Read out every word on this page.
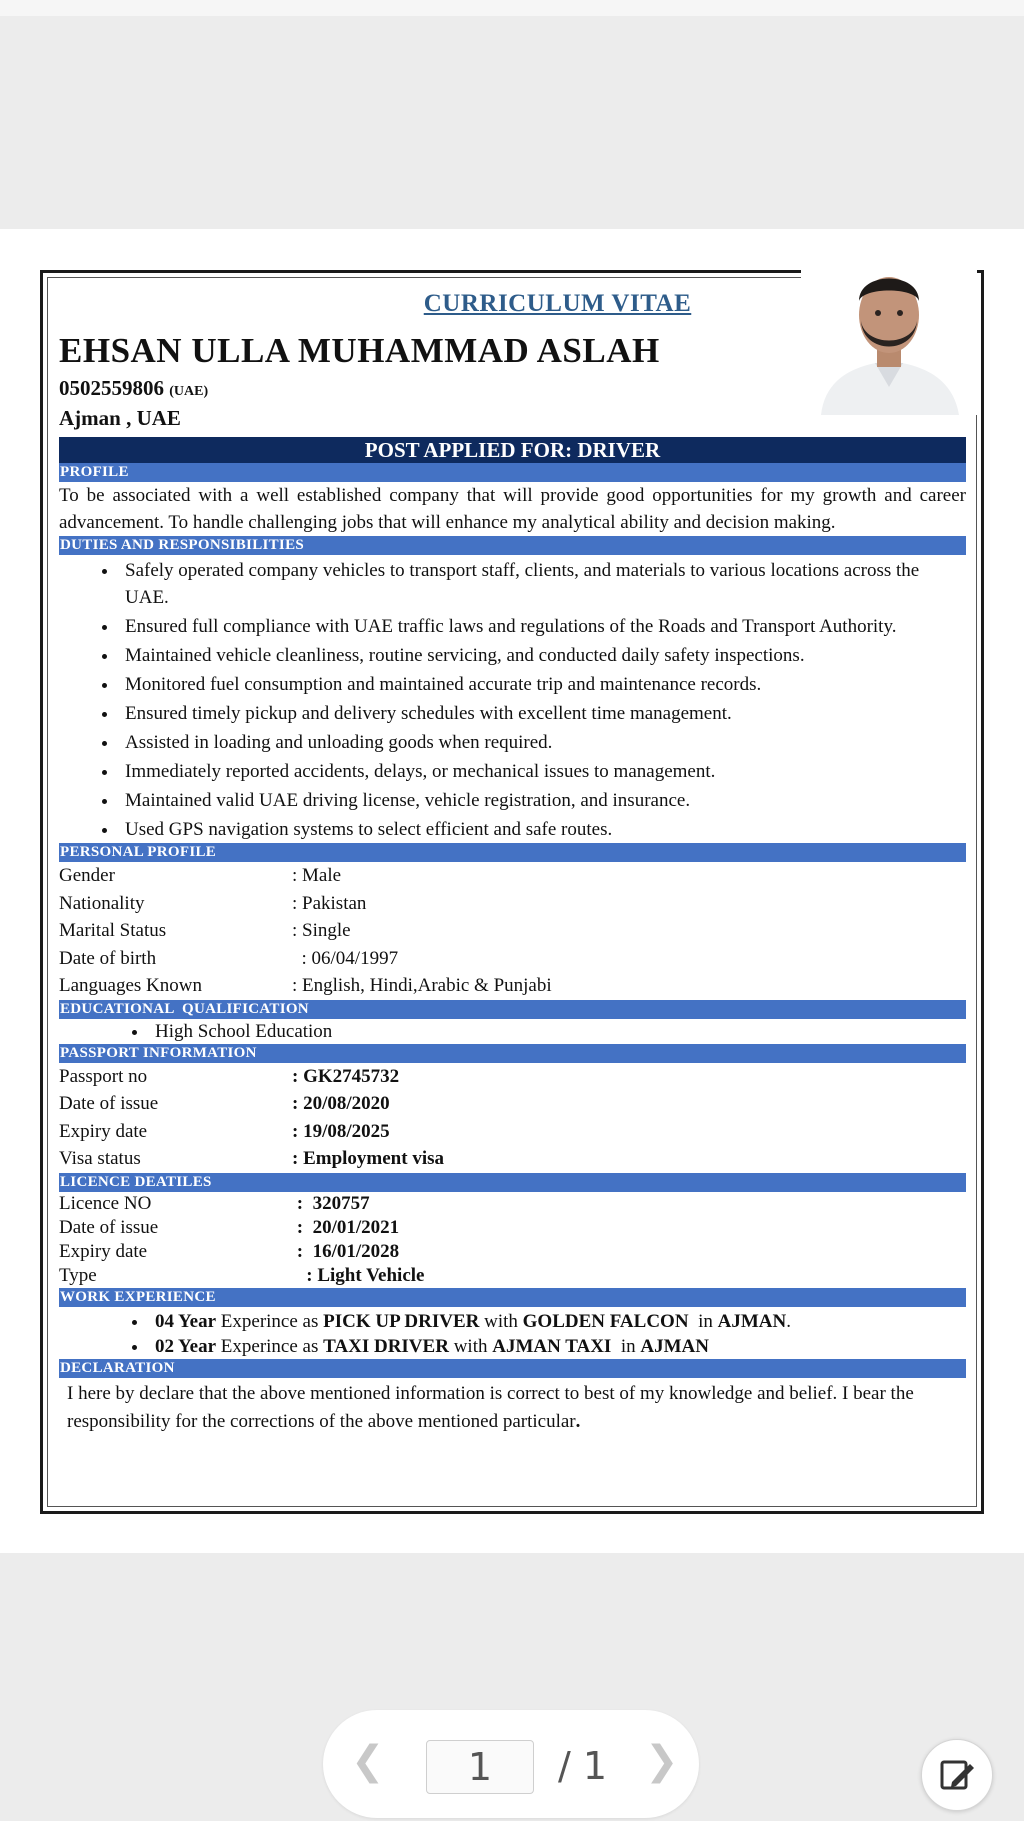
CURRICULUM VITAE
EHSAN ULLA MUHAMMAD ASLAH
0502559806 (UAE)
Ajman , UAE
POST APPLIED FOR: DRIVER
PROFILE
To be associated with a well established company that will provide good opportunities for my growth and career advancement. To handle challenging jobs that will enhance my analytical ability and decision making.
DUTIES AND RESPONSIBILITIES
• Safely operated company vehicles to transport staff, clients, and materials to various locations across the UAE.
• Ensured full compliance with UAE traffic laws and regulations of the Roads and Transport Authority.
• Maintained vehicle cleanliness, routine servicing, and conducted daily safety inspections.
• Monitored fuel consumption and maintained accurate trip and maintenance records.
• Ensured timely pickup and delivery schedules with excellent time management.
• Assisted in loading and unloading goods when required.
• Immediately reported accidents, delays, or mechanical issues to management.
• Maintained valid UAE driving license, vehicle registration, and insurance.
• Used GPS navigation systems to select efficient and safe routes.
PERSONAL PROFILE
Gender	: Male
Nationality	: Pakistan
Marital Status	: Single
Date of birth	: 06/04/1997
Languages Known	: English, Hindi,Arabic & Punjabi
EDUCATIONAL  QUALIFICATION
• High School Education
PASSPORT INFORMATION
Passport no	: GK2745732
Date of issue	: 20/08/2020
Expiry date	: 19/08/2025
Visa status	: Employment visa
LICENCE DEATILES
Licence NO	:  320757
Date of issue	:  20/01/2021
Expiry date	:  16/01/2028
Type	: Light Vehicle
WORK EXPERIENCE
• 04 Year Experince as PICK UP DRIVER with GOLDEN FALCON  in AJMAN.
• 02 Year Experince as TAXI DRIVER with AJMAN TAXI  in AJMAN
DECLARATION
I here by declare that the above mentioned information is correct to best of my knowledge and belief. I bear the responsibility for the corrections of the above mentioned particular.
❮	1	/ 1 ❯
